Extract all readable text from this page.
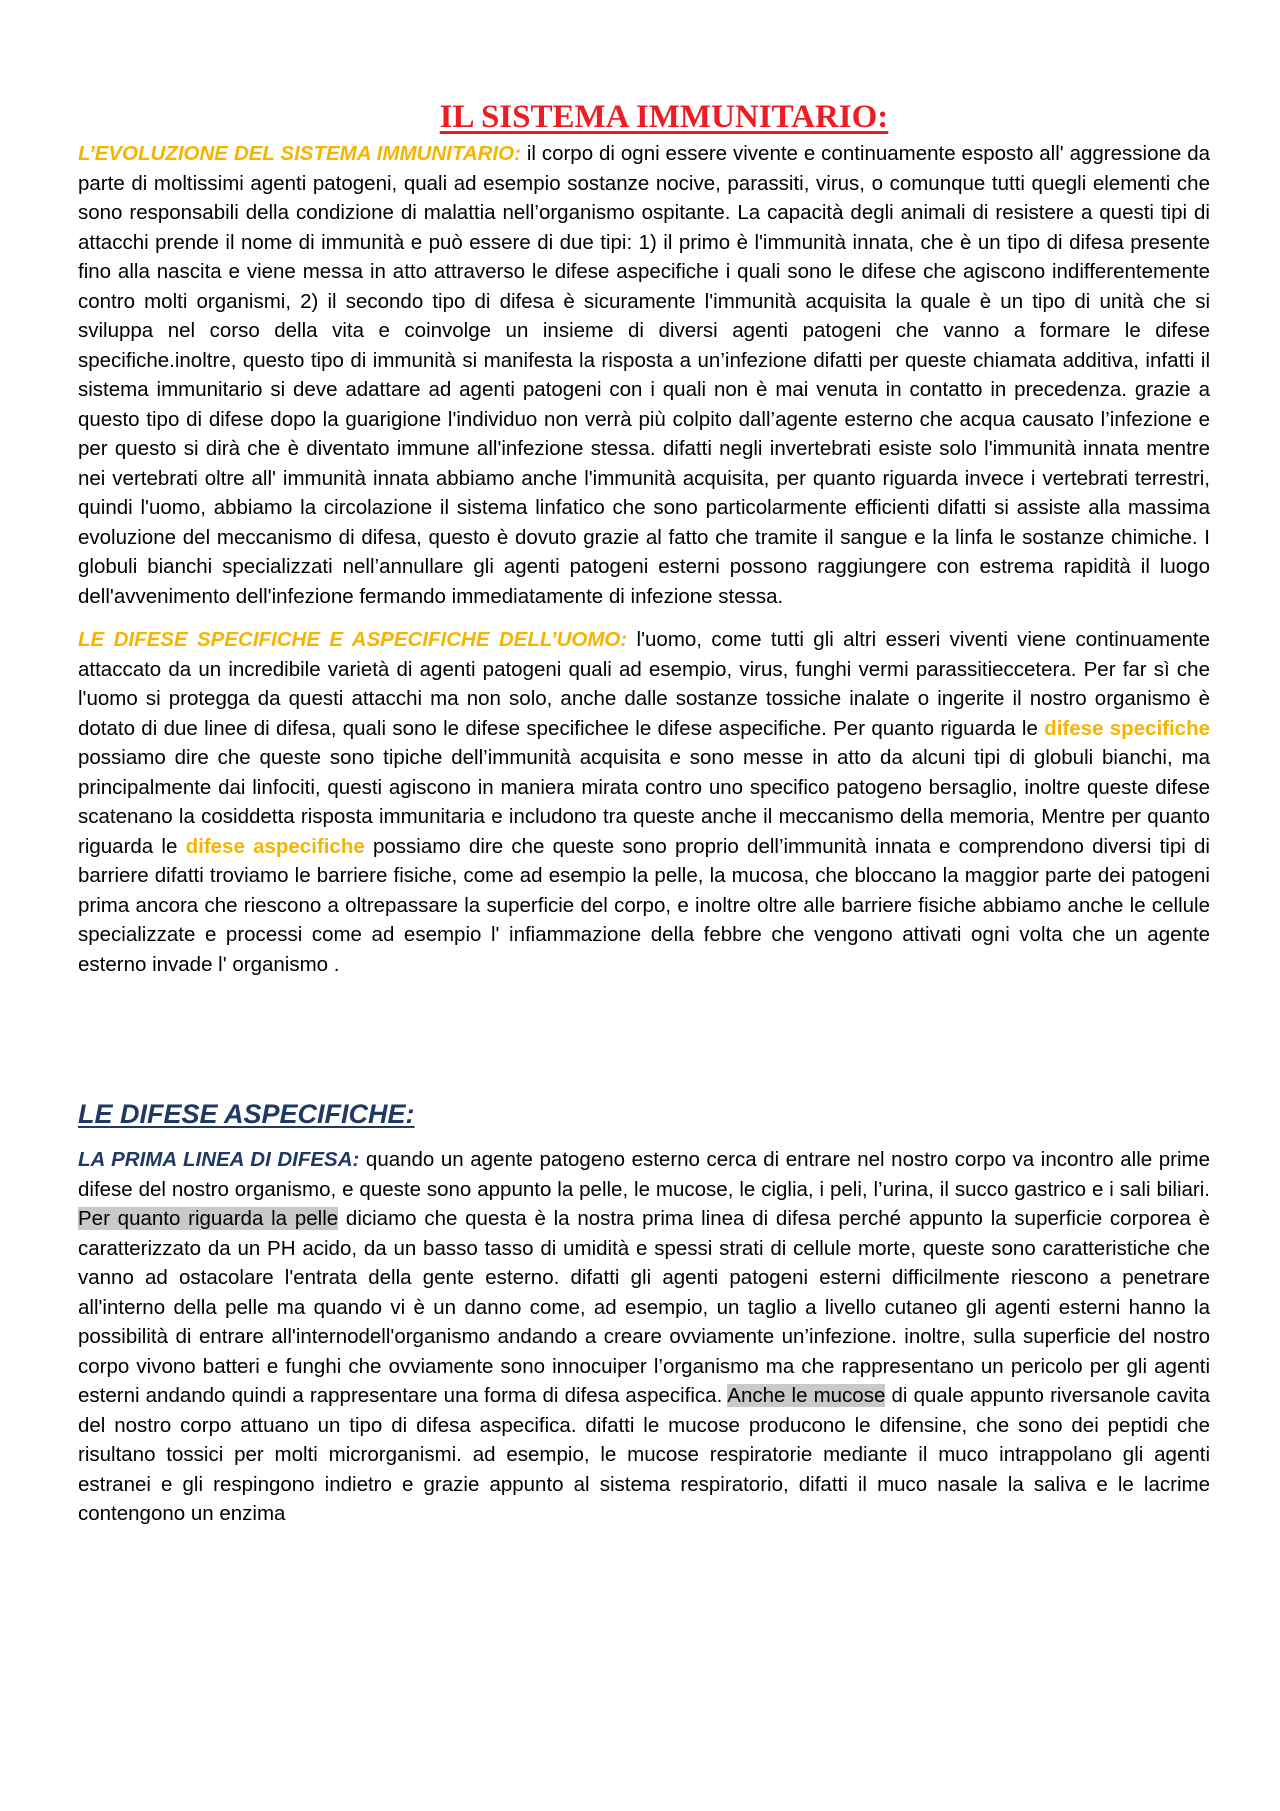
IL SISTEMA IMMUNITARIO:

L’EVOLUZIONE DEL SISTEMA IMMUNITARIO: il corpo di ogni essere vivente e continuamente esposto all' aggressione da parte di moltissimi agenti patogeni, quali ad esempio sostanze nocive, parassiti, virus, o comunque tutti quegli elementi che sono responsabili della condizione di malattia nell’organismo ospitante. La capacità degli animali di resistere a questi tipi di attacchi prende il nome di immunità e può essere di due tipi: 1) il primo è l'immunità innata, che è un tipo di difesa presente fino alla nascita e viene messa in atto attraverso le difese aspecifiche i quali sono le difese che agiscono indifferentemente contro molti organismi, 2) il secondo tipo di difesa è sicuramente l'immunità acquisita la quale è un tipo di unità che si sviluppa nel corso della vita e coinvolge un insieme di diversi agenti patogeni che vanno a formare le difese specifiche.inoltre, questo tipo di immunità si manifesta la risposta a un’infezione difatti per queste chiamata additiva, infatti il sistema immunitario si deve adattare ad agenti patogeni con i quali non è mai venuta in contatto in precedenza. grazie a questo tipo di difese dopo la guarigione l'individuo non verrà più colpito dall’agente esterno che acqua causato l’infezione e per questo si dirà che è diventato immune all'infezione stessa. difatti negli invertebrati esiste solo l'immunità innata mentre nei vertebrati oltre all' immunità innata abbiamo anche l'immunità acquisita, per quanto riguarda invece i vertebrati terrestri, quindi l'uomo, abbiamo la circolazione il sistema linfatico che sono particolarmente efficienti difatti si assiste alla massima evoluzione del meccanismo di difesa, questo è dovuto grazie al fatto che tramite il sangue e la linfa le sostanze chimiche. I globuli bianchi specializzati nell’annullare gli agenti patogeni esterni possono raggiungere con estrema rapidità il luogo dell'avvenimento dell'infezione fermando immediatamente di infezione stessa.

LE DIFESE SPECIFICHE E ASPECIFICHE DELL’UOMO: l'uomo, come tutti gli altri esseri viventi viene continuamente attaccato da un incredibile varietà di agenti patogeni quali ad esempio, virus, funghi vermi parassitieccetera. Per far sì che l'uomo si protegga da questi attacchi ma non solo, anche dalle sostanze tossiche inalate o ingerite il nostro organismo è dotato di due linee di difesa, quali sono le difese specifichee le difese aspecifiche. Per quanto riguarda le difese specifiche possiamo dire che queste sono tipiche dell’immunità acquisita e sono messe in atto da alcuni tipi di globuli bianchi, ma principalmente dai linfociti, questi agiscono in maniera mirata contro uno specifico patogeno bersaglio, inoltre queste difese scatenano la cosiddetta risposta immunitaria e includono tra queste anche il meccanismo della memoria, Mentre per quanto riguarda le difese aspecifiche possiamo dire che queste sono proprio dell’immunità innata e comprendono diversi tipi di barriere difatti troviamo le barriere fisiche, come ad esempio la pelle, la mucosa, che bloccano la maggior parte dei patogeni prima ancora che riescono a oltrepassare la superficie del corpo, e inoltre oltre alle barriere fisiche abbiamo anche le cellule specializzate e processi come ad esempio l' infiammazione della febbre che vengono attivati ogni volta che un agente esterno invade l' organismo .

LE DIFESE ASPECIFICHE:

LA PRIMA LINEA DI DIFESA: quando un agente patogeno esterno cerca di entrare nel nostro corpo va incontro alle prime difese del nostro organismo, e queste sono appunto la pelle, le mucose, le ciglia, i peli, l’urina, il succo gastrico e i sali biliari. Per quanto riguarda la pelle diciamo che questa è la nostra prima linea di difesa perché appunto la superficie corporea è caratterizzato da un PH acido, da un basso tasso di umidità e spessi strati di cellule morte, queste sono caratteristiche che vanno ad ostacolare l'entrata della gente esterno. difatti gli agenti patogeni esterni difficilmente riescono a penetrare all'interno della pelle ma quando vi è un danno come, ad esempio, un taglio a livello cutaneo gli agenti esterni hanno la possibilità di entrare all'internodell'organismo andando a creare ovviamente un’infezione. inoltre, sulla superficie del nostro corpo vivono batteri e funghi che ovviamente sono innocuiper l’organismo ma che rappresentano un pericolo per gli agenti esterni andando quindi a rappresentare una forma di difesa aspecifica. Anche le mucose di quale appunto riversanole cavita del nostro corpo attuano un tipo di difesa aspecifica. difatti le mucose producono le difensine, che sono dei peptidi che risultano tossici per molti microrganismi. ad esempio, le mucose respiratorie mediante il muco intrappolano gli agenti estranei e gli respingono indietro e grazie appunto al sistema respiratorio, difatti il muco nasale la saliva e le lacrime contengono un enzima
